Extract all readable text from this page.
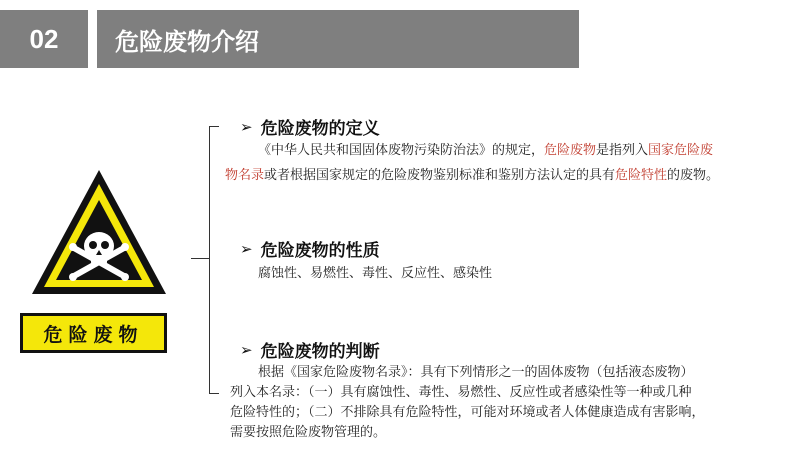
02 危险废物介绍
危险废物
➢ 危险废物的定义
《中华人民共和国固体废物污染防治法》的规定，危险废物是指列入国家危险废
物名录或者根据国家规定的危险废物鉴别标准和鉴别方法认定的具有危险特性的废物。
➢ 危险废物的性质
腐蚀性、易燃性、毒性、反应性、感染性
➢ 危险废物的判断
根据《国家危险废物名录》：具有下列情形之一的固体废物（包括液态废物）
列入本名录：（一）具有腐蚀性、毒性、易燃性、反应性或者感染性等一种或几种
危险特性的；（二）不排除具有危险特性，可能对环境或者人体健康造成有害影响，
需要按照危险废物管理的。
